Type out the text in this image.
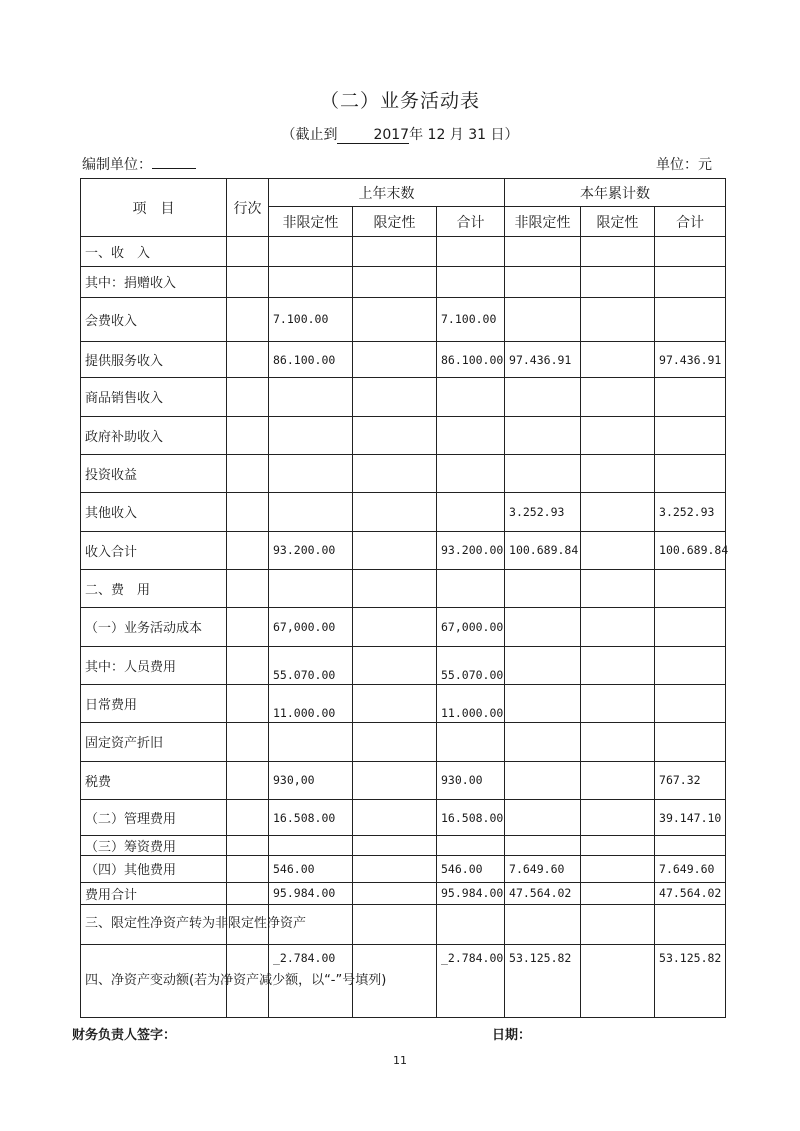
（二）业务活动表
（截止到	2017年 12 月 31 日）
编制单位：	单位：元
项　目	行次	上年末数			本年累计数		
		非限定性	限定性	合计	非限定性	限定性	合计
一、收　入							
其中：捐赠收入							
会费收入		7.100.00		7.100.00			
提供服务收入		86.100.00		86.100.00	97.436.91		97.436.91
商品销售收入							
政府补助收入							
投资收益							
其他收入					3.252.93		3.252.93
收入合计		93.200.00		93.200.00	100.689.84		100.689.84
二、费　用							
（一）业务活动成本		67,000.00		67,000.00			
其中：人员费用		55.070.00		55.070.00			
日常费用		11.000.00		11.000.00			
固定资产折旧							
税费		930,00		930.00			767.32
（二）管理费用		16.508.00		16.508.00			39.147.10
（三）筹资费用							
（四）其他费用		546.00		546.00	7.649.60		7.649.60
费用合计		95.984.00		95.984.00	47.564.02		47.564.02
三、限定性净资产转为非限定性净资产							
四、净资产变动额(若为净资产减少额，以“-”号填列)		_2.784.00		_2.784.00	53.125.82		53.125.82
财务负责人签字：	日期：
11
